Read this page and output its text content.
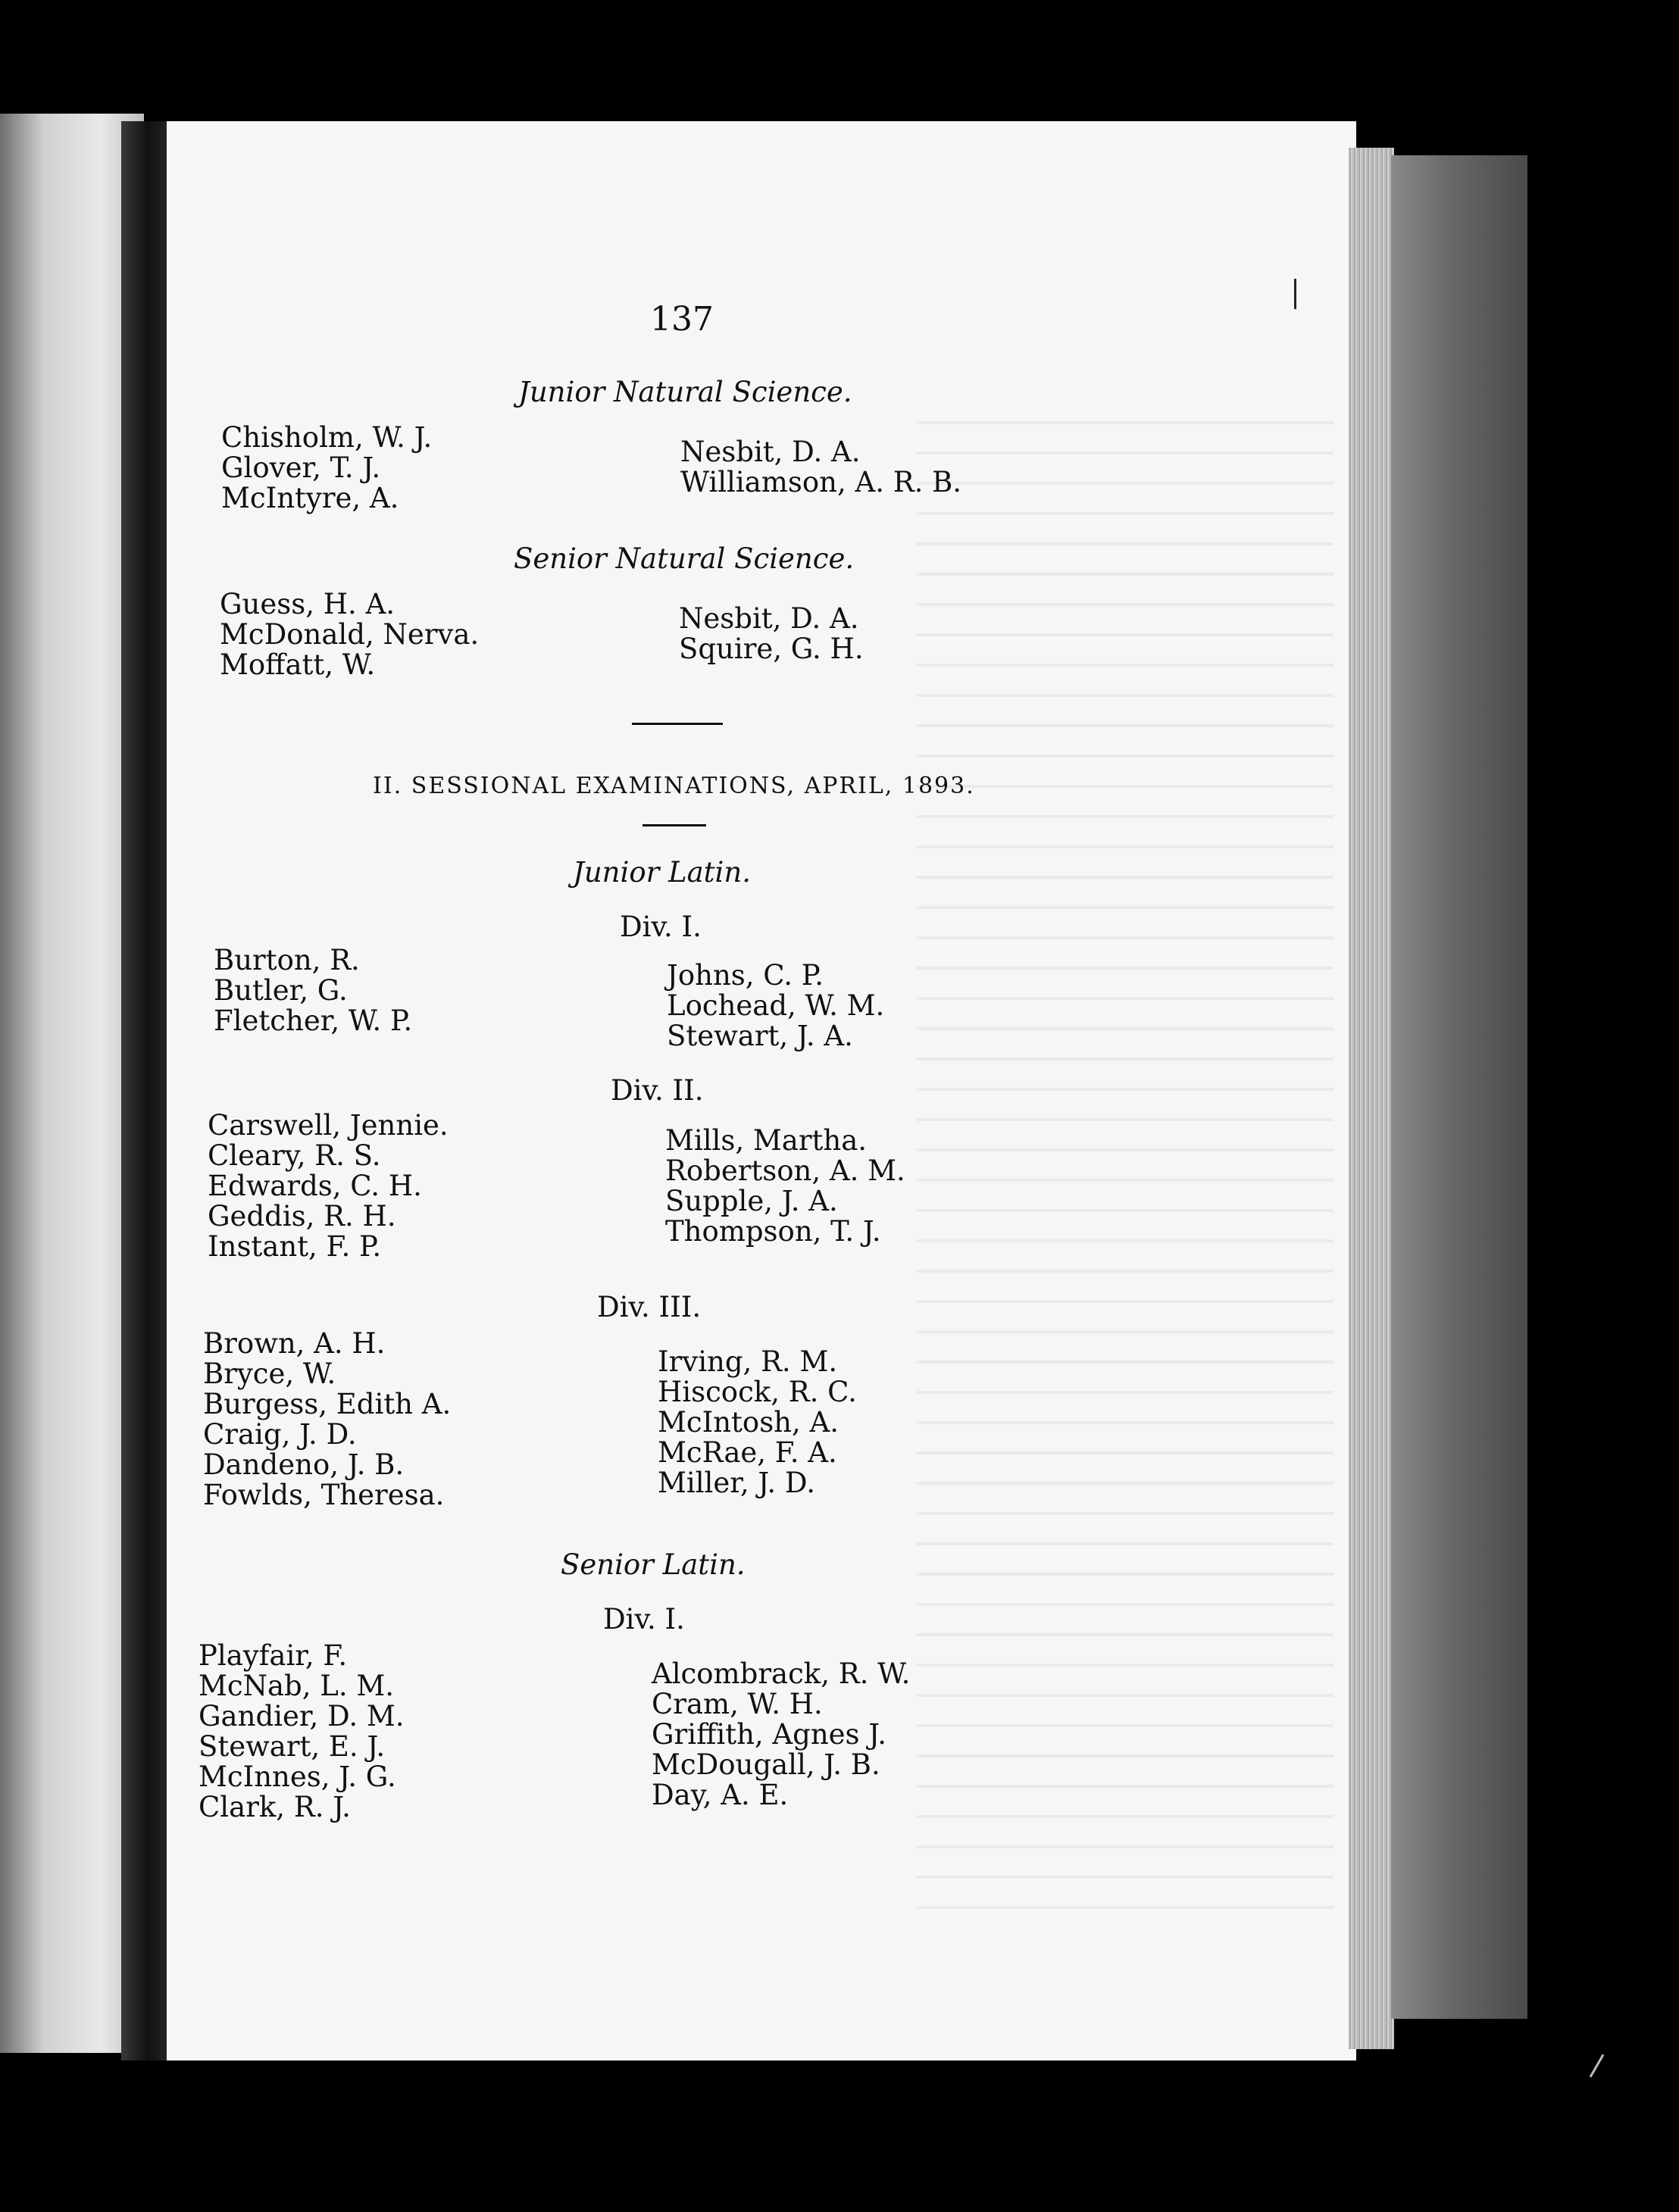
137
Junior Natural Science.
Chisholm, W. J.
Glover, T. J.
McIntyre, A.
Nesbit, D. A.
Williamson, A. R. B.
Senior Natural Science.
Guess, H. A.
McDonald, Nerva.
Moffatt, W.
Nesbit, D. A.
Squire, G. H.
II. SESSIONAL EXAMINATIONS, APRIL, 1893.
Junior Latin.
Div. I.
Burton, R.
Butler, G.
Fletcher, W. P.
Johns, C. P.
Lochead, W. M.
Stewart, J. A.
Div. II.
Carswell, Jennie.
Cleary, R. S.
Edwards, C. H.
Geddis, R. H.
Instant, F. P.
Mills, Martha.
Robertson, A. M.
Supple, J. A.
Thompson, T. J.
Div. III.
Brown, A. H.
Bryce, W.
Burgess, Edith A.
Craig, J. D.
Dandeno, J. B.
Fowlds, Theresa.
Irving, R. M.
Hiscock, R. C.
McIntosh, A.
McRae, F. A.
Miller, J. D.
Senior Latin.
Div. I.
Playfair, F.
McNab, L. M.
Gandier, D. M.
Stewart, E. J.
McInnes, J. G.
Clark, R. J.
Alcombrack, R. W.
Cram, W. H.
Griffith, Agnes J.
McDougall, J. B.
Day, A. E.
